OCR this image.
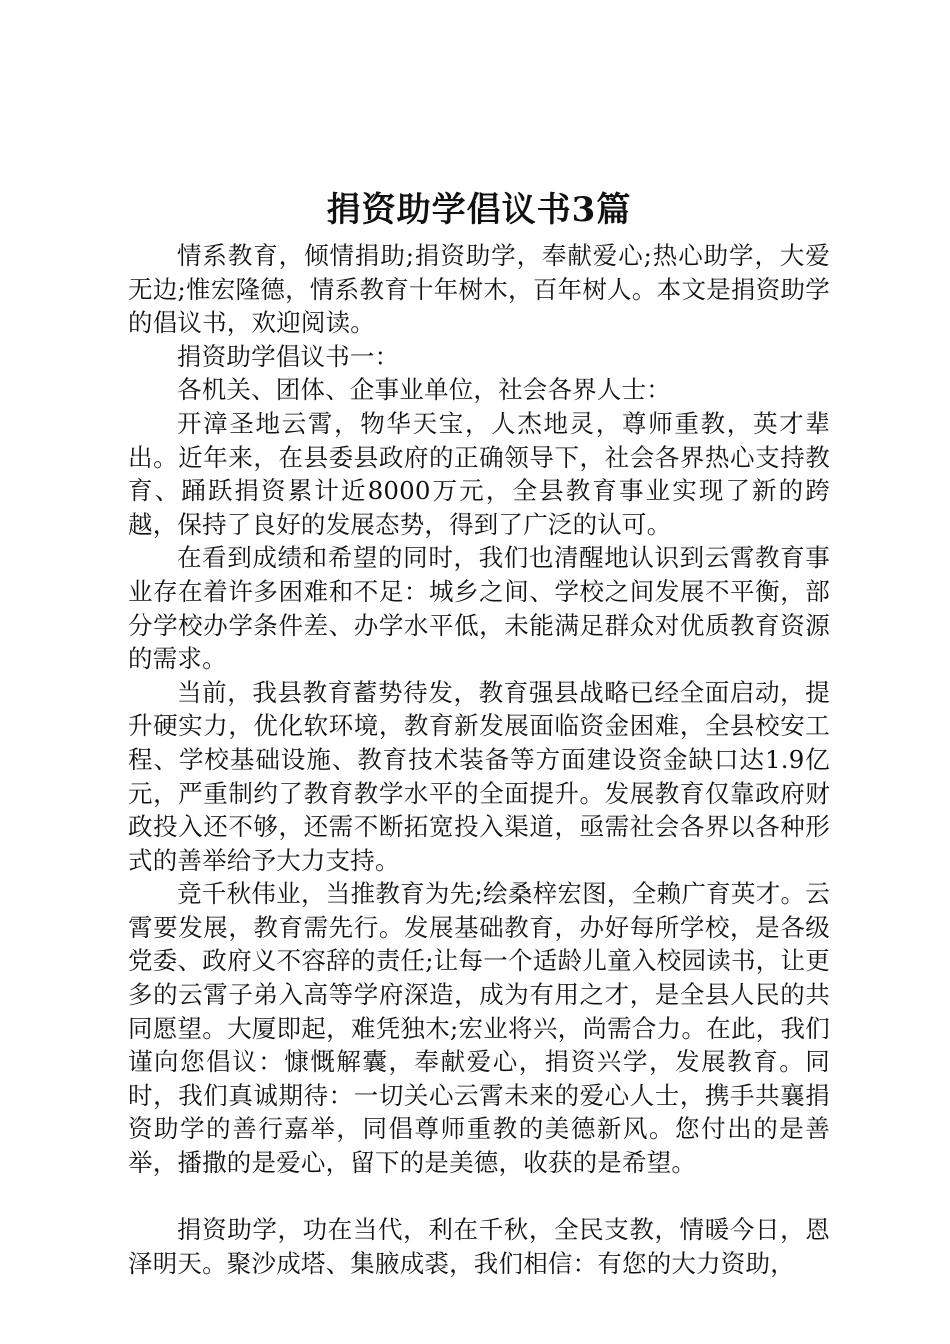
捐资助学倡议书3篇

情系教育，倾情捐助;捐资助学，奉献爱心;热心助学，大爱无边;惟宏隆德，情系教育十年树木，百年树人。本文是捐资助学的倡议书，欢迎阅读。

捐资助学倡议书一：

各机关、团体、企事业单位，社会各界人士：

开漳圣地云霄，物华天宝，人杰地灵，尊师重教，英才辈出。近年来，在县委县政府的正确领导下，社会各界热心支持教育、踊跃捐资累计近8000万元，全县教育事业实现了新的跨越，保持了良好的发展态势，得到了广泛的认可。

在看到成绩和希望的同时，我们也清醒地认识到云霄教育事业存在着许多困难和不足：城乡之间、学校之间发展不平衡，部分学校办学条件差、办学水平低，未能满足群众对优质教育资源的需求。

当前，我县教育蓄势待发，教育强县战略已经全面启动，提升硬实力，优化软环境，教育新发展面临资金困难，全县校安工程、学校基础设施、教育技术装备等方面建设资金缺口达1.9亿元，严重制约了教育教学水平的全面提升。发展教育仅靠政府财政投入还不够，还需不断拓宽投入渠道，亟需社会各界以各种形式的善举给予大力支持。

竞千秋伟业，当推教育为先;绘桑梓宏图，全赖广育英才。云霄要发展，教育需先行。发展基础教育，办好每所学校，是各级党委、政府义不容辞的责任;让每一个适龄儿童入校园读书，让更多的云霄子弟入高等学府深造，成为有用之才，是全县人民的共同愿望。大厦即起，难凭独木;宏业将兴，尚需合力。在此，我们谨向您倡议：慷慨解囊，奉献爱心，捐资兴学，发展教育。同时，我们真诚期待：一切关心云霄未来的爱心人士，携手共襄捐资助学的善行嘉举，同倡尊师重教的美德新风。您付出的是善举，播撒的是爱心，留下的是美德，收获的是希望。

捐资助学，功在当代，利在千秋，全民支教，情暖今日，恩泽明天。聚沙成塔、集腋成裘，我们相信：有您的大力资助，
